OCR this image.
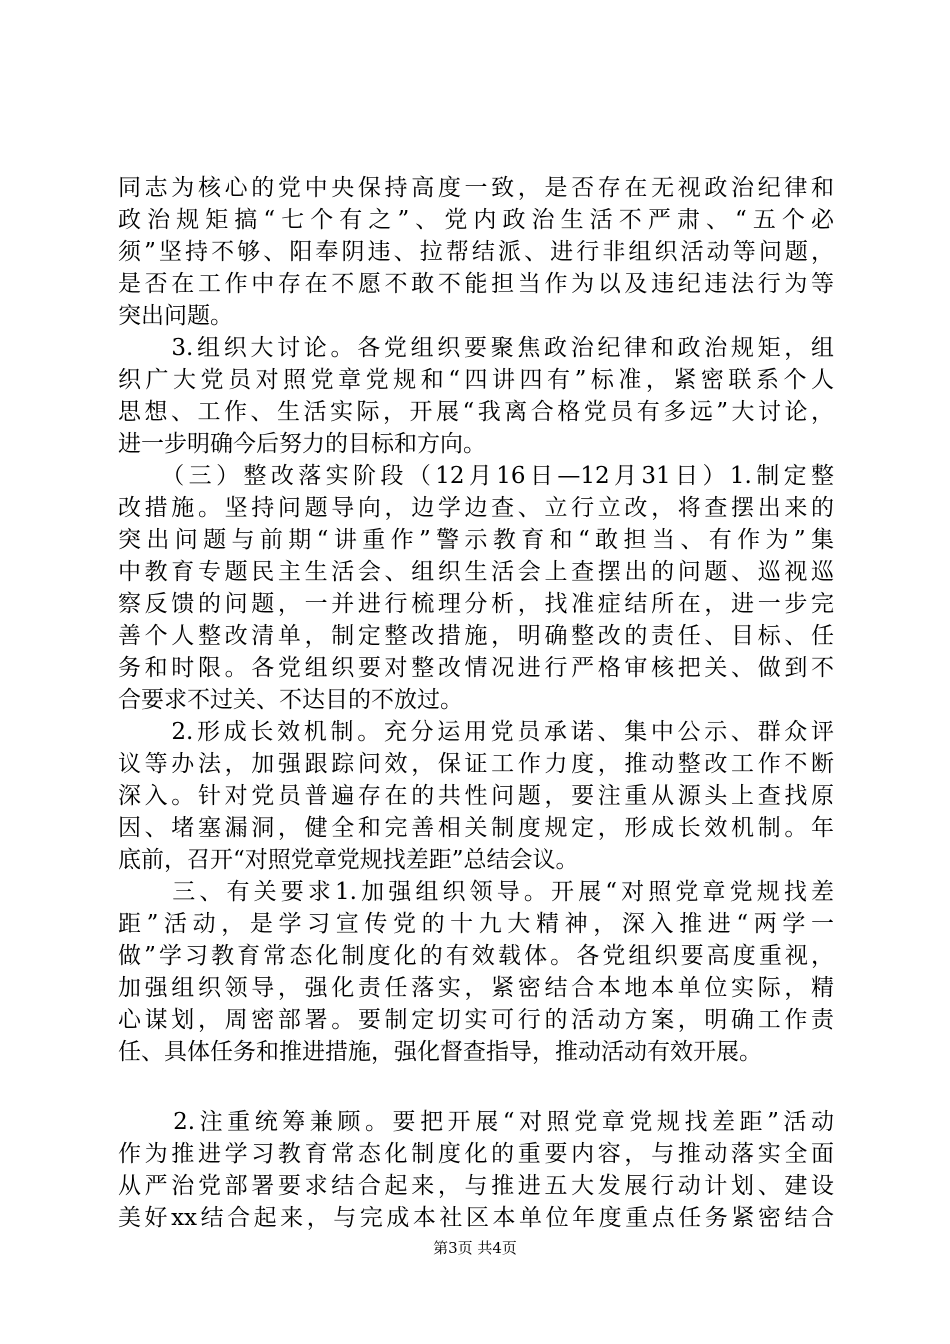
同志为核心的党中央保持高度一致，是否存在无视政治纪律和
政治规矩搞“七个有之”、党内政治生活不严肃、“五个必
须”坚持不够、阳奉阴违、拉帮结派、进行非组织活动等问题，
是否在工作中存在不愿不敢不能担当作为以及违纪违法行为等
突出问题。
　　3.组织大讨论。各党组织要聚焦政治纪律和政治规矩，组
织广大党员对照党章党规和“四讲四有”标准，紧密联系个人
思想、工作、生活实际，开展“我离合格党员有多远”大讨论，
进一步明确今后努力的目标和方向。
　　（三）整改落实阶段（12月16日—12月31日）1.制定整
改措施。坚持问题导向，边学边查、立行立改，将查摆出来的
突出问题与前期“讲重作”警示教育和“敢担当、有作为”集
中教育专题民主生活会、组织生活会上查摆出的问题、巡视巡
察反馈的问题，一并进行梳理分析，找准症结所在，进一步完
善个人整改清单，制定整改措施，明确整改的责任、目标、任
务和时限。各党组织要对整改情况进行严格审核把关、做到不
合要求不过关、不达目的不放过。
　　2.形成长效机制。充分运用党员承诺、集中公示、群众评
议等办法，加强跟踪问效，保证工作力度，推动整改工作不断
深入。针对党员普遍存在的共性问题，要注重从源头上查找原
因、堵塞漏洞，健全和完善相关制度规定，形成长效机制。年
底前，召开“对照党章党规找差距”总结会议。
　　三、有关要求1.加强组织领导。开展“对照党章党规找差
距”活动，是学习宣传党的十九大精神，深入推进“两学一
做”学习教育常态化制度化的有效载体。各党组织要高度重视，
加强组织领导，强化责任落实，紧密结合本地本单位实际，精
心谋划，周密部署。要制定切实可行的活动方案，明确工作责
任、具体任务和推进措施，强化督查指导，推动活动有效开展。
　　2.注重统筹兼顾。要把开展“对照党章党规找差距”活动
作为推进学习教育常态化制度化的重要内容，与推动落实全面
从严治党部署要求结合起来，与推进五大发展行动计划、建设
美好xx结合起来，与完成本社区本单位年度重点任务紧密结合
第3页 共4页
